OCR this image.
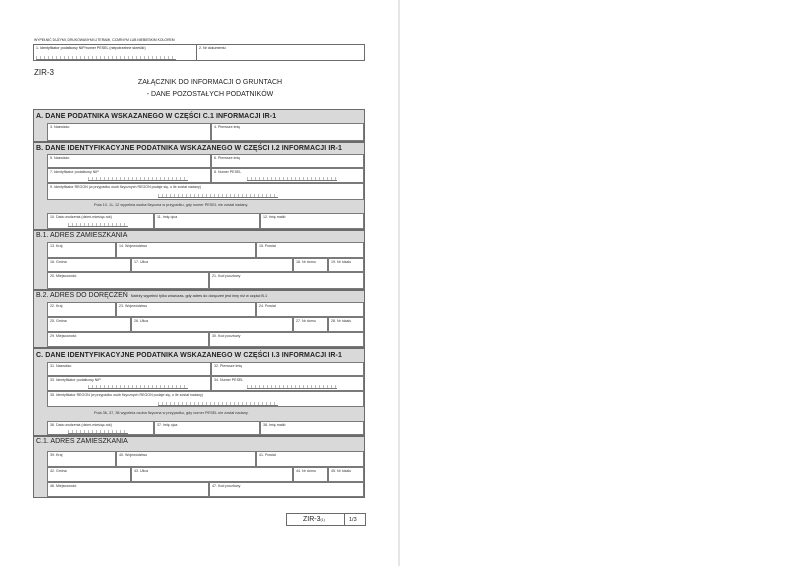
WYPEŁNIĆ DUŻYMI, DRUKOWANYMI LITERAMI, CZARNYM LUB NIEBIESKIM KOLOREM
1. Identyfikator podatkowy NIP/numer PESEL (niepotrzebne skreślić)	2. Nr dokumentu
ZIR-3
ZAŁĄCZNIK DO INFORMACJI O GRUNTACH
- DANE POZOSTAŁYCH PODATNIKÓW
A. DANE PODATNIKA WSKAZANEGO W CZĘŚCI C.1 INFORMACJI IR-1
3. Nazwisko	4. Pierwsze imię
B. DANE IDENTYFIKACYJNE PODATNIKA WSKAZANEGO W CZĘŚCI I.2 INFORMACJI IR-1
5. Nazwisko	6. Pierwsze imię
7. Identyfikator podatkowy NIP	8. Numer PESEL
9. Identyfikator REGON (w przypadku osób fizycznych REGON podaje się, o ile został nadany)
Pola 10, 11, 12 wypełnia osoba fizyczna w przypadku, gdy numer PESEL nie został nadany.
10. Data urodzenia (dzień-miesiąc-rok)	11. Imię ojca	12. Imię matki
B.1. ADRES ZAMIESZKANIA
13. Kraj	14. Województwo	15. Powiat
16. Gmina	17. Ulica	18. Nr domu	19. Nr lokalu
20. Miejscowość	21. Kod pocztowy
B.2. ADRES DO DORĘCZEŃ Należy wypełnić tylko wówczas, gdy adres do doręczeń jest inny niż w części B.1
22. Kraj	23. Województwo	24. Powiat
25. Gmina	26. Ulica	27. Nr domu	28. Nr lokalu
29. Miejscowość	30. Kod pocztowy
C. DANE IDENTYFIKACYJNE PODATNIKA WSKAZANEGO W CZĘŚCI I.3 INFORMACJI IR-1
31. Nazwisko	32. Pierwsze imię
33. Identyfikator podatkowy NIP	34. Numer PESEL
35. Identyfikator REGON (w przypadku osób fizycznych REGON podaje się, o ile został nadany)
Pola 36, 37, 38 wypełnia osoba fizyczna w przypadku, gdy numer PESEL nie został nadany.
36. Data urodzenia (dzień-miesiąc-rok)	37. Imię ojca	38. Imię matki
C.1. ADRES ZAMIESZKANIA
39. Kraj	40. Województwo	41. Powiat
42. Gmina	43. Ulica	44. Nr domu	45. Nr lokalu
46. Miejscowość	47. Kod pocztowy
ZIR-3(1)	1/3
